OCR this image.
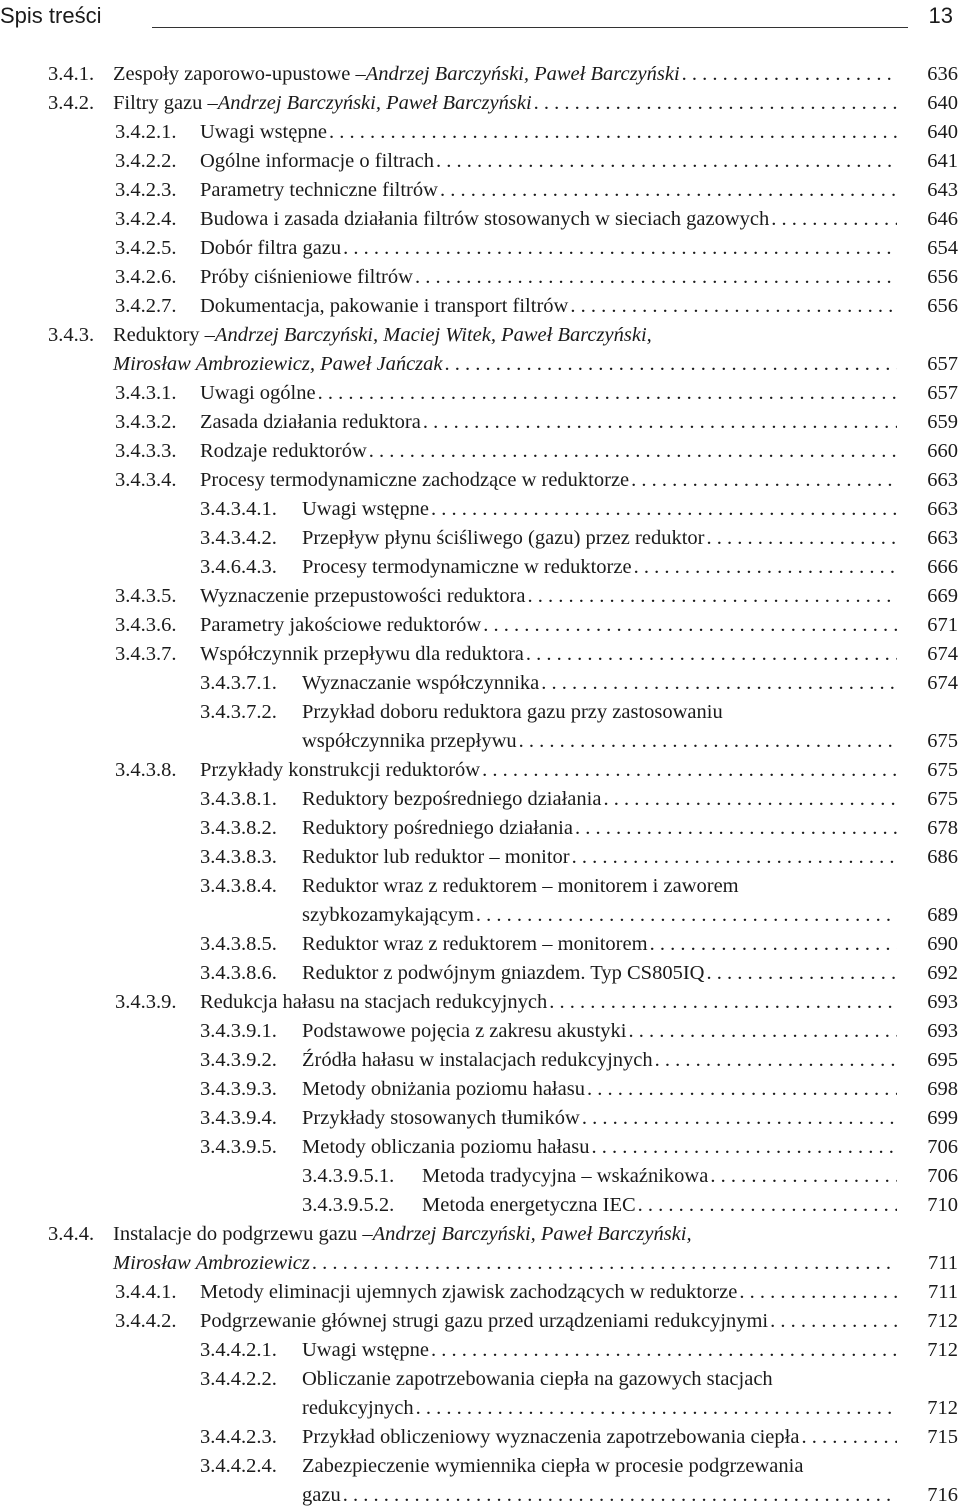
Spis treści	13
3.4.1. Zespoły zaporowo-upustowe – Andrzej Barczyński, Paweł Barczyński . . .	636
3.4.2. Filtry gazu – Andrzej Barczyński, Paweł Barczyński . . .	640
3.4.2.1. Uwagi wstępne . . .	640
3.4.2.2. Ogólne informacje o filtrach . . .	641
3.4.2.3. Parametry techniczne filtrów . . .	643
3.4.2.4. Budowa i zasada działania filtrów stosowanych w sieciach gazowych . . .	646
3.4.2.5. Dobór filtra gazu . . .	654
3.4.2.6. Próby ciśnieniowe filtrów . . .	656
3.4.2.7. Dokumentacja, pakowanie i transport filtrów . . .	656
3.4.3. Reduktory – Andrzej Barczyński, Maciej Witek, Paweł Barczyński,
Mirosław Ambroziewicz, Paweł Jańczak . . .	657
3.4.3.1. Uwagi ogólne . . .	657
3.4.3.2. Zasada działania reduktora . . .	659
3.4.3.3. Rodzaje reduktorów . . .	660
3.4.3.4. Procesy termodynamiczne zachodzące w reduktorze . . .	663
3.4.3.4.1. Uwagi wstępne . . .	663
3.4.3.4.2. Przepływ płynu ściśliwego (gazu) przez reduktor . . .	663
3.4.6.4.3. Procesy termodynamiczne w reduktorze . . .	666
3.4.3.5. Wyznaczenie przepustowości reduktora . . .	669
3.4.3.6. Parametry jakościowe reduktorów . . .	671
3.4.3.7. Współczynnik przepływu dla reduktora . . .	674
3.4.3.7.1. Wyznaczanie współczynnika . . .	674
3.4.3.7.2. Przykład doboru reduktora gazu przy zastosowaniu
współczynnika przepływu . . .	675
3.4.3.8. Przykłady konstrukcji reduktorów . . .	675
3.4.3.8.1. Reduktory bezpośredniego działania . . .	675
3.4.3.8.2. Reduktory pośredniego działania . . .	678
3.4.3.8.3. Reduktor lub reduktor – monitor . . .	686
3.4.3.8.4. Reduktor wraz z reduktorem – monitorem i zaworem
szybkozamykającym . . .	689
3.4.3.8.5. Reduktor wraz z reduktorem – monitorem . . .	690
3.4.3.8.6. Reduktor z podwójnym gniazdem. Typ CS805IQ . . .	692
3.4.3.9. Redukcja hałasu na stacjach redukcyjnych . . .	693
3.4.3.9.1. Podstawowe pojęcia z zakresu akustyki . . .	693
3.4.3.9.2. Źródła hałasu w instalacjach redukcyjnych . . .	695
3.4.3.9.3. Metody obniżania poziomu hałasu . . .	698
3.4.3.9.4. Przykłady stosowanych tłumików . . .	699
3.4.3.9.5. Metody obliczania poziomu hałasu . . .	706
3.4.3.9.5.1. Metoda tradycyjna – wskaźnikowa . . .	706
3.4.3.9.5.2. Metoda energetyczna IEC . . .	710
3.4.4. Instalacje do podgrzewu gazu – Andrzej Barczyński, Paweł Barczyński,
Mirosław Ambroziewicz . . .	711
3.4.4.1. Metody eliminacji ujemnych zjawisk zachodzących w reduktorze . . .	711
3.4.4.2. Podgrzewanie głównej strugi gazu przed urządzeniami redukcyjnymi . . .	712
3.4.4.2.1. Uwagi wstępne . . .	712
3.4.4.2.2. Obliczanie zapotrzebowania ciepła na gazowych stacjach
redukcyjnych . . .	712
3.4.4.2.3. Przykład obliczeniowy wyznaczenia zapotrzebowania ciepła . . .	715
3.4.4.2.4. Zabezpieczenie wymiennika ciepła w procesie podgrzewania
gazu . . .	716
